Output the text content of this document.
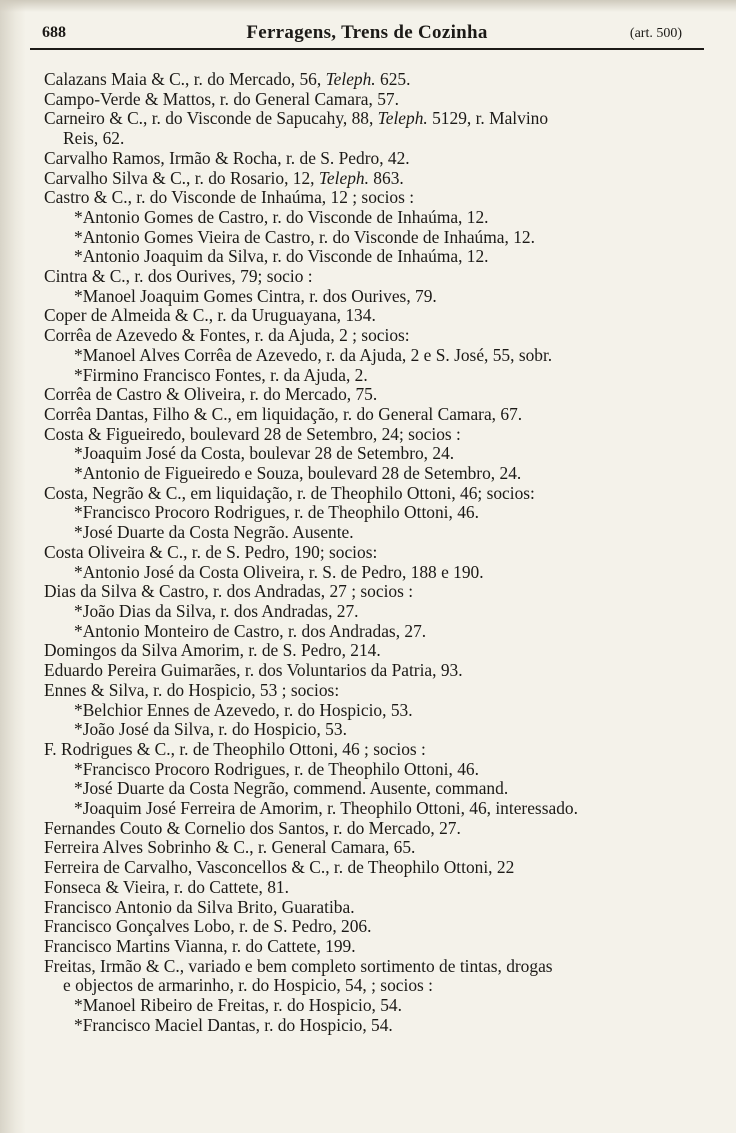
688	Ferragens, Trens de Cozinha	(art. 500)
Calazans Maia & C., r. do Mercado, 56, Teleph. 625.
Campo-Verde & Mattos, r. do General Camara, 57.
Carneiro & C., r. do Visconde de Sapucahy, 88, Teleph. 5129, r. Malvino
Reis, 62.
Carvalho Ramos, Irmão & Rocha, r. de S. Pedro, 42.
Carvalho Silva & C., r. do Rosario, 12, Teleph. 863.
Castro & C., r. do Visconde de Inhaúma, 12 ; socios :
*Antonio Gomes de Castro, r. do Visconde de Inhaúma, 12.
*Antonio Gomes Vieira de Castro, r. do Visconde de Inhaúma, 12.
*Antonio Joaquim da Silva, r. do Visconde de Inhaúma, 12.
Cintra & C., r. dos Ourives, 79; socio :
*Manoel Joaquim Gomes Cintra, r. dos Ourives, 79.
Coper de Almeida & C., r. da Uruguayana, 134.
Corrêa de Azevedo & Fontes, r. da Ajuda, 2 ; socios:
*Manoel Alves Corrêa de Azevedo, r. da Ajuda, 2 e S. José, 55, sobr.
*Firmino Francisco Fontes, r. da Ajuda, 2.
Corrêa de Castro & Oliveira, r. do Mercado, 75.
Corrêa Dantas, Filho & C., em liquidação, r. do General Camara, 67.
Costa & Figueiredo, boulevard 28 de Setembro, 24; socios :
*Joaquim José da Costa, boulevar 28 de Setembro, 24.
*Antonio de Figueiredo e Souza, boulevard 28 de Setembro, 24.
Costa, Negrão & C., em liquidação, r. de Theophilo Ottoni, 46; socios:
*Francisco Procoro Rodrigues, r. de Theophilo Ottoni, 46.
*José Duarte da Costa Negrão. Ausente.
Costa Oliveira & C., r. de S. Pedro, 190; socios:
*Antonio José da Costa Oliveira, r. S. de Pedro, 188 e 190.
Dias da Silva & Castro, r. dos Andradas, 27 ; socios :
*João Dias da Silva, r. dos Andradas, 27.
*Antonio Monteiro de Castro, r. dos Andradas, 27.
Domingos da Silva Amorim, r. de S. Pedro, 214.
Eduardo Pereira Guimarães, r. dos Voluntarios da Patria, 93.
Ennes & Silva, r. do Hospicio, 53 ; socios:
*Belchior Ennes de Azevedo, r. do Hospicio, 53.
*João José da Silva, r. do Hospicio, 53.
F. Rodrigues & C., r. de Theophilo Ottoni, 46 ; socios :
*Francisco Procoro Rodrigues, r. de Theophilo Ottoni, 46.
*José Duarte da Costa Negrão, commend. Ausente, command.
*Joaquim José Ferreira de Amorim, r. Theophilo Ottoni, 46, interessado.
Fernandes Couto & Cornelio dos Santos, r. do Mercado, 27.
Ferreira Alves Sobrinho & C., r. General Camara, 65.
Ferreira de Carvalho, Vasconcellos & C., r. de Theophilo Ottoni, 22
Fonseca & Vieira, r. do Cattete, 81.
Francisco Antonio da Silva Brito, Guaratiba.
Francisco Gonçalves Lobo, r. de S. Pedro, 206.
Francisco Martins Vianna, r. do Cattete, 199.
Freitas, Irmão & C., variado e bem completo sortimento de tintas, drogas
e objectos de armarinho, r. do Hospicio, 54, ; socios :
*Manoel Ribeiro de Freitas, r. do Hospicio, 54.
*Francisco Maciel Dantas, r. do Hospicio, 54.
